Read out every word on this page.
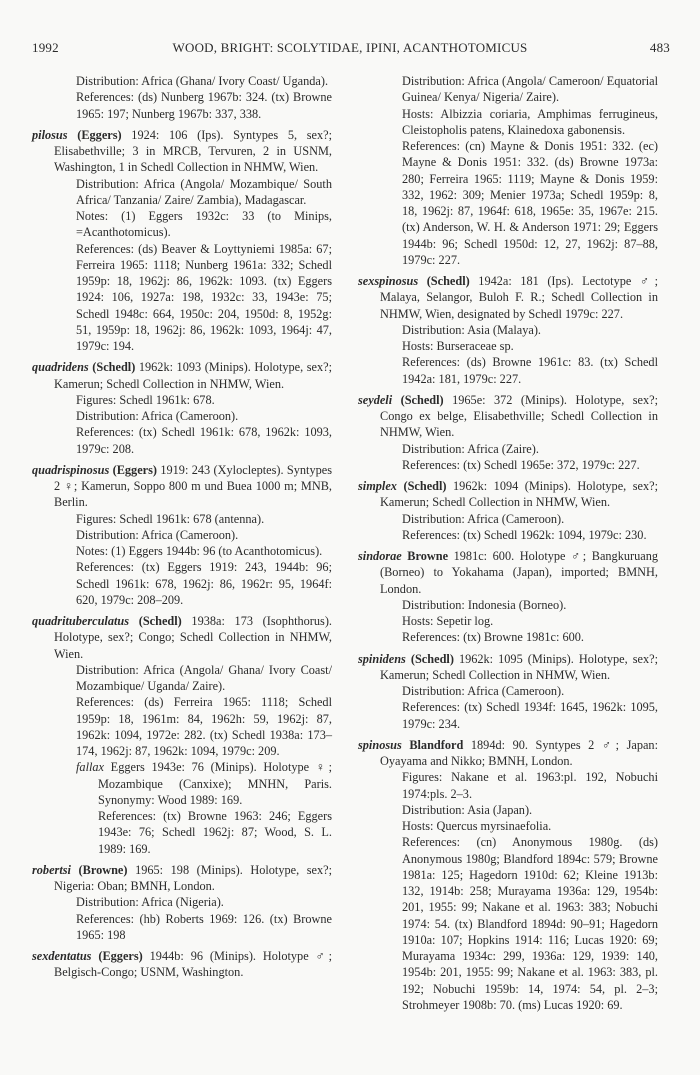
1992	WOOD, BRIGHT: SCOLYTIDAE, IPINI, ACANTHOTOMICUS	483

Distribution: Africa (Ghana/ Ivory Coast/ Uganda).

References: (ds) Nunberg 1967b: 324. (tx) Browne 1965: 197; Nunberg 1967b: 337, 338.

pilosus (Eggers) 1924: 106 (Ips). Syntypes 5, sex?; Elisabethville; 3 in MRCB, Tervuren, 2 in USNM, Washington, 1 in Schedl Collection in NHMW, Wien.

Distribution: Africa (Angola/ Mozambique/ South Africa/ Tanzania/ Zaire/ Zambia), Madagascar.

Notes: (1) Eggers 1932c: 33 (to Minips, =Acanthotomicus).

References: (ds) Beaver & Loyttyniemi 1985a: 67; Ferreira 1965: 1118; Nunberg 1961a: 332; Schedl 1959p: 18, 1962j: 86, 1962k: 1093. (tx) Eggers 1924: 106, 1927a: 198, 1932c: 33, 1943e: 75; Schedl 1948c: 664, 1950c: 204, 1950d: 8, 1952g: 51, 1959p: 18, 1962j: 86, 1962k: 1093, 1964j: 47, 1979c: 194.

quadridens (Schedl) 1962k: 1093 (Minips). Holotype, sex?; Kamerun; Schedl Collection in NHMW, Wien.

Figures: Schedl 1961k: 678.

Distribution: Africa (Cameroon).

References: (tx) Schedl 1961k: 678, 1962k: 1093, 1979c: 208.

quadrispinosus (Eggers) 1919: 243 (Xylocleptes). Syntypes 2 ♀; Kamerun, Soppo 800 m und Buea 1000 m; MNB, Berlin.

Figures: Schedl 1961k: 678 (antenna).

Distribution: Africa (Cameroon).

Notes: (1) Eggers 1944b: 96 (to Acanthotomicus).

References: (tx) Eggers 1919: 243, 1944b: 96; Schedl 1961k: 678, 1962j: 86, 1962r: 95, 1964f: 620, 1979c: 208–209.

quadrituberculatus (Schedl) 1938a: 173 (Isophthorus). Holotype, sex?; Congo; Schedl Collection in NHMW, Wien.

Distribution: Africa (Angola/ Ghana/ Ivory Coast/ Mozambique/ Uganda/ Zaire).

References: (ds) Ferreira 1965: 1118; Schedl 1959p: 18, 1961m: 84, 1962h: 59, 1962j: 87, 1962k: 1094, 1972e: 282. (tx) Schedl 1938a: 173–174, 1962j: 87, 1962k: 1094, 1979c: 209.

fallax Eggers 1943e: 76 (Minips). Holotype ♀; Mozambique (Canxixe); MNHN, Paris. Synonymy: Wood 1989: 169.

References: (tx) Browne 1963: 246; Eggers 1943e: 76; Schedl 1962j: 87; Wood, S. L. 1989: 169.

robertsi (Browne) 1965: 198 (Minips). Holotype, sex?; Nigeria: Oban; BMNH, London.

Distribution: Africa (Nigeria).

References: (hb) Roberts 1969: 126. (tx) Browne 1965: 198

sexdentatus (Eggers) 1944b: 96 (Minips). Holotype ♂; Belgisch-Congo; USNM, Washington.

Distribution: Africa (Angola/ Cameroon/ Equatorial Guinea/ Kenya/ Nigeria/ Zaire).

Hosts: Albizzia coriaria, Amphimas ferrugineus, Cleistopholis patens, Klainedoxa gabonensis.

References: (cn) Mayne & Donis 1951: 332. (ec) Mayne & Donis 1951: 332. (ds) Browne 1973a: 280; Ferreira 1965: 1119; Mayne & Donis 1959: 332, 1962: 309; Menier 1973a; Schedl 1959p: 8, 18, 1962j: 87, 1964f: 618, 1965e: 35, 1967e: 215. (tx) Anderson, W. H. & Anderson 1971: 29; Eggers 1944b: 96; Schedl 1950d: 12, 27, 1962j: 87–88, 1979c: 227.

sexspinosus (Schedl) 1942a: 181 (Ips). Lectotype ♂; Malaya, Selangor, Buloh F. R.; Schedl Collection in NHMW, Wien, designated by Schedl 1979c: 227.

Distribution: Asia (Malaya).

Hosts: Burseraceae sp.

References: (ds) Browne 1961c: 83. (tx) Schedl 1942a: 181, 1979c: 227.

seydeli (Schedl) 1965e: 372 (Minips). Holotype, sex?; Congo ex belge, Elisabethville; Schedl Collection in NHMW, Wien.

Distribution: Africa (Zaire).

References: (tx) Schedl 1965e: 372, 1979c: 227.

simplex (Schedl) 1962k: 1094 (Minips). Holotype, sex?; Kamerun; Schedl Collection in NHMW, Wien.

Distribution: Africa (Cameroon).

References: (tx) Schedl 1962k: 1094, 1979c: 230.

sindorae Browne 1981c: 600. Holotype ♂; Bangkuruang (Borneo) to Yokahama (Japan), imported; BMNH, London.

Distribution: Indonesia (Borneo).

Hosts: Sepetir log.

References: (tx) Browne 1981c: 600.

spinidens (Schedl) 1962k: 1095 (Minips). Holotype, sex?; Kamerun; Schedl Collection in NHMW, Wien.

Distribution: Africa (Cameroon).

References: (tx) Schedl 1934f: 1645, 1962k: 1095, 1979c: 234.

spinosus Blandford 1894d: 90. Syntypes 2 ♂; Japan: Oyayama and Nikko; BMNH, London.

Figures: Nakane et al. 1963:pl. 192, Nobuchi 1974:pls. 2–3.

Distribution: Asia (Japan).

Hosts: Quercus myrsinaefolia.

References: (cn) Anonymous 1980g. (ds) Anonymous 1980g; Blandford 1894c: 579; Browne 1981a: 125; Hagedorn 1910d: 62; Kleine 1913b: 132, 1914b: 258; Murayama 1936a: 129, 1954b: 201, 1955: 99; Nakane et al. 1963: 383; Nobuchi 1974: 54. (tx) Blandford 1894d: 90–91; Hagedorn 1910a: 107; Hopkins 1914: 116; Lucas 1920: 69; Murayama 1934c: 299, 1936a: 129, 1939: 140, 1954b: 201, 1955: 99; Nakane et al. 1963: 383, pl. 192; Nobuchi 1959b: 14, 1974: 54, pl. 2–3; Strohmeyer 1908b: 70. (ms) Lucas 1920: 69.
